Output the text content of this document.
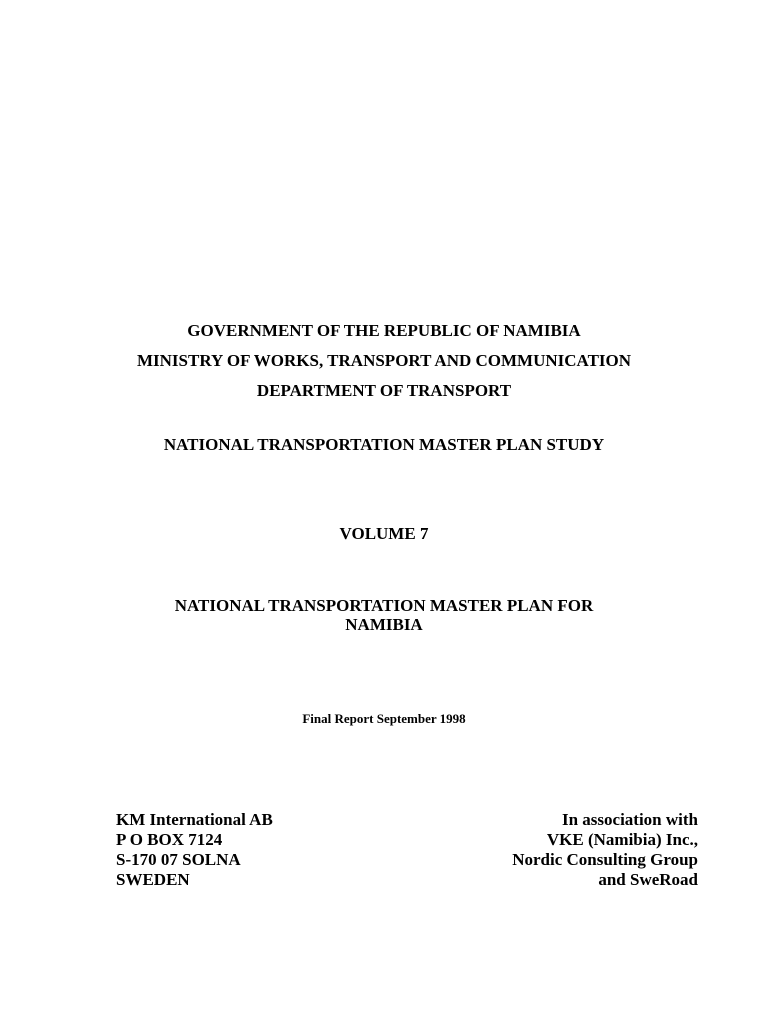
GOVERNMENT OF THE REPUBLIC OF NAMIBIA
MINISTRY OF WORKS, TRANSPORT AND COMMUNICATION
DEPARTMENT OF TRANSPORT
NATIONAL TRANSPORTATION MASTER PLAN STUDY
VOLUME 7
NATIONAL TRANSPORTATION MASTER PLAN FOR
NAMIBIA
Final Report September 1998
KM International AB
P O BOX 7124
S-170 07 SOLNA
SWEDEN
In association with
VKE (Namibia) Inc.,
Nordic Consulting Group
and SweRoad
